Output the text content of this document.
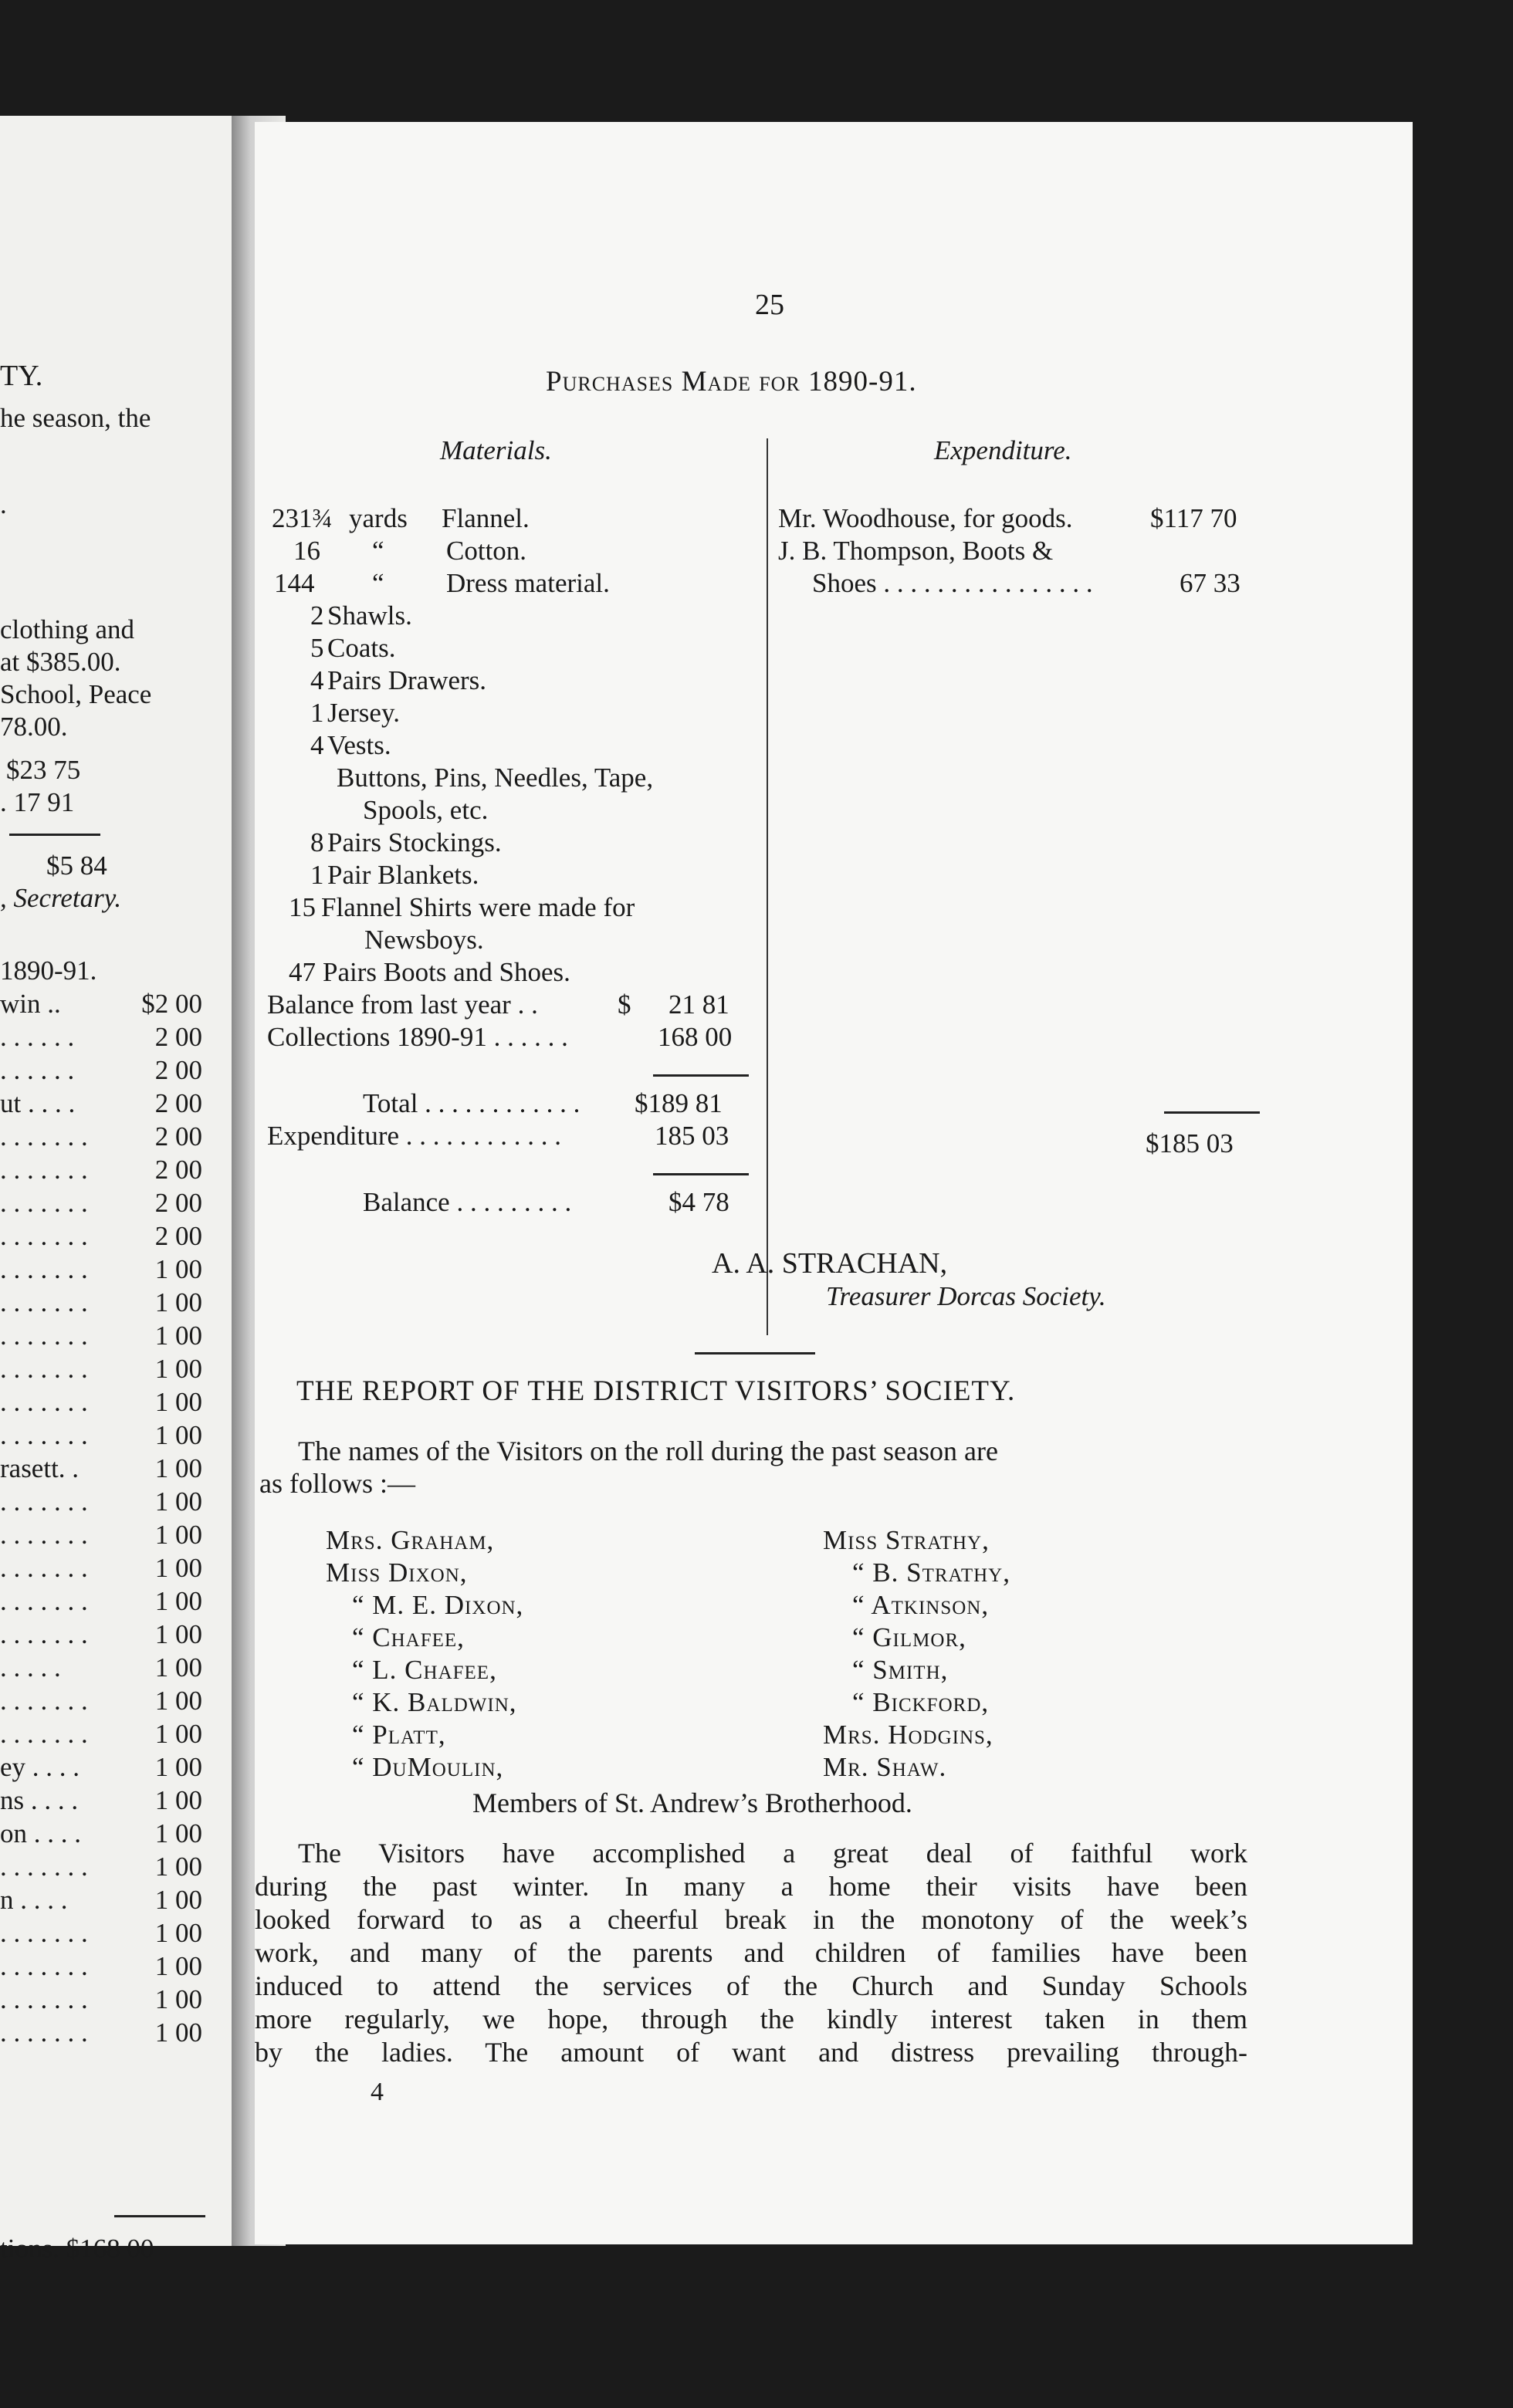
TY.
he season, the
.
clothing and
at $385.00.
School, Peace
78.00.
$23 75
. 17 91
$5 84
, Secretary.
1890-91.
win ..	$2 00
. . . . . .	2 00
. . . . . .	2 00
ut . . . .	2 00
. . . . . . . 2 00
. . . . . . . 2 00
. . . . . . . 2 00
. . . . . . . 2 00
. . . . . . . 1 00
. . . . . . . 1 00
. . . . . . . 1 00
. . . . . . . 1 00
. . . . . . . 1 00
. . . . . . . 1 00
rasett. .	1 00
. . . . . . . 1 00
. . . . . . . 1 00
. . . . . . . 1 00
. . . . . . . 1 00
. . . . . . . 1 00
. . . . .	1 00
. . . . . . . 1 00
. . . . . . . 1 00
ey . . . .	1 00
ns . . . .	1 00
on . . . .	1 00
. . . . . . . 1 00
n . . . .	1 00
. . . . . . . 1 00
. . . . . . . 1 00
. . . . . . . 1 00
. . . . . . . 1 00
tions. $168 00
25
Purchases Made for 1890-91.
Materials.	Expenditure.
231¾ yards Flannel.
16 “ Cotton.
144 “ Dress material.
2 Shawls.
5 Coats.
4 Pairs Drawers.
1 Jersey.
4 Vests.
Buttons, Pins, Needles, Tape,
Spools, etc.
8 Pairs Stockings.
1 Pair Blankets.
15 Flannel Shirts were made for
Newsboys.
47 Pairs Boots and Shoes.
Balance from last year . .	$ 21 81
Collections 1890-91 . . . . . .	168 00
Total . . . . . . . . . . . . $189 81
Expenditure . . . . . . . . . . . .	185 03
Balance . . . . . . . . .	$4 78
Mr. Woodhouse, for goods.	$117 70
J. B. Thompson, Boots &
Shoes . . . . . . . . . . . . . . . .	67 33
$185 03
A. A. STRACHAN,
Treasurer Dorcas Society.
THE REPORT OF THE DISTRICT VISITORS’ SOCIETY.
The names of the Visitors on the roll during the past season are
as follows :—
Mrs. Graham,
Miss Dixon,
“ M. E. Dixon,
“ Chafee,
“ L. Chafee,
“ K. Baldwin,
“ Platt,
“ DuMoulin,
Miss Strathy,
“ B. Strathy,
“ Atkinson,
“ Gilmor,
“ Smith,
“ Bickford,
Mrs. Hodgins,
Mr. Shaw.
Members of St. Andrew’s Brotherhood.
The Visitors have accomplished a great deal of faithful work
during the past winter. In many a home their visits have been
looked forward to as a cheerful break in the monotony of the week’s
work, and many of the parents and children of families have been
induced to attend the services of the Church and Sunday Schools
more regularly, we hope, through the kindly interest taken in them
by the ladies. The amount of want and distress prevailing through-
4
